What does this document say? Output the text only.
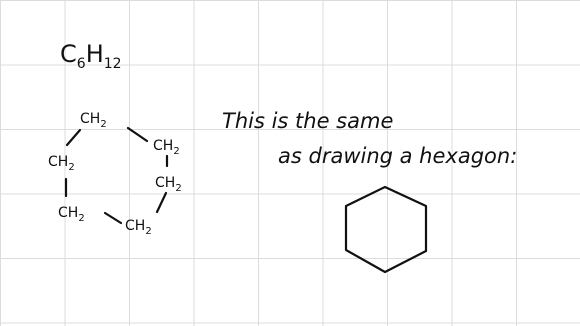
$C_6H_{12}$
$CH_2$
$CH_2$
$CH_2$
$CH_2$
$CH_2$
$CH_2$
This is the same
as drawing a hexagon:
